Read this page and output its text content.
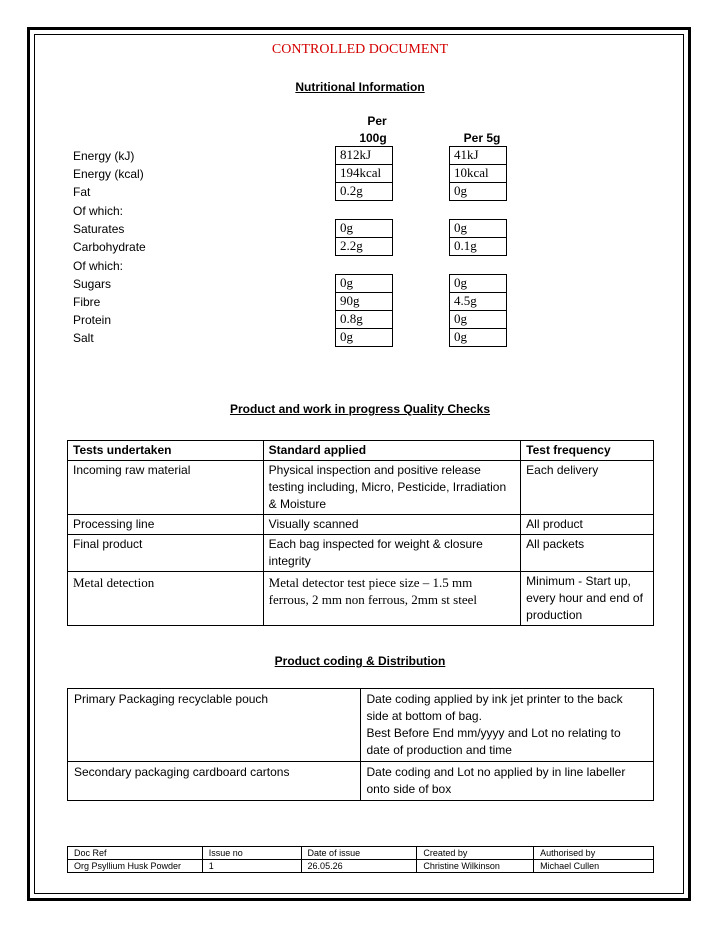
CONTROLLED DOCUMENT
Nutritional Information
Per
100g	Per 5g
Energy (kJ)	812kJ	41kJ
Energy (kcal)	194kcal	10kcal
Fat	0.2g	0g
Of which:
Saturates	0g	0g
Carbohydrate	2.2g	0.1g
Of which:
Sugars	0g	0g
Fibre	90g	4.5g
Protein	0.8g	0g
Salt	0g	0g
Product and work in progress Quality Checks
Tests undertaken	Standard applied	Test frequency
Incoming raw material	Physical inspection and positive release testing including, Micro, Pesticide, Irradiation & Moisture	Each delivery
Processing line	Visually scanned	All product
Final product	Each bag inspected for weight & closure integrity	All packets
Metal detection	Metal detector test piece size – 1.5 mm ferrous, 2 mm non ferrous, 2mm st steel	Minimum - Start up, every hour and end of production
Product coding & Distribution
Primary Packaging recyclable pouch	Date coding applied by ink jet printer to the back side at bottom of bag.
Best Before End mm/yyyy and Lot no relating to date of production and time

Secondary packaging cardboard cartons	Date coding and Lot no applied by in line labeller onto side of box
Doc Ref	Issue no	Date of issue	Created by	Authorised by
Org Psyllium Husk Powder	1	26.05.26	Christine Wilkinson	Michael Cullen
